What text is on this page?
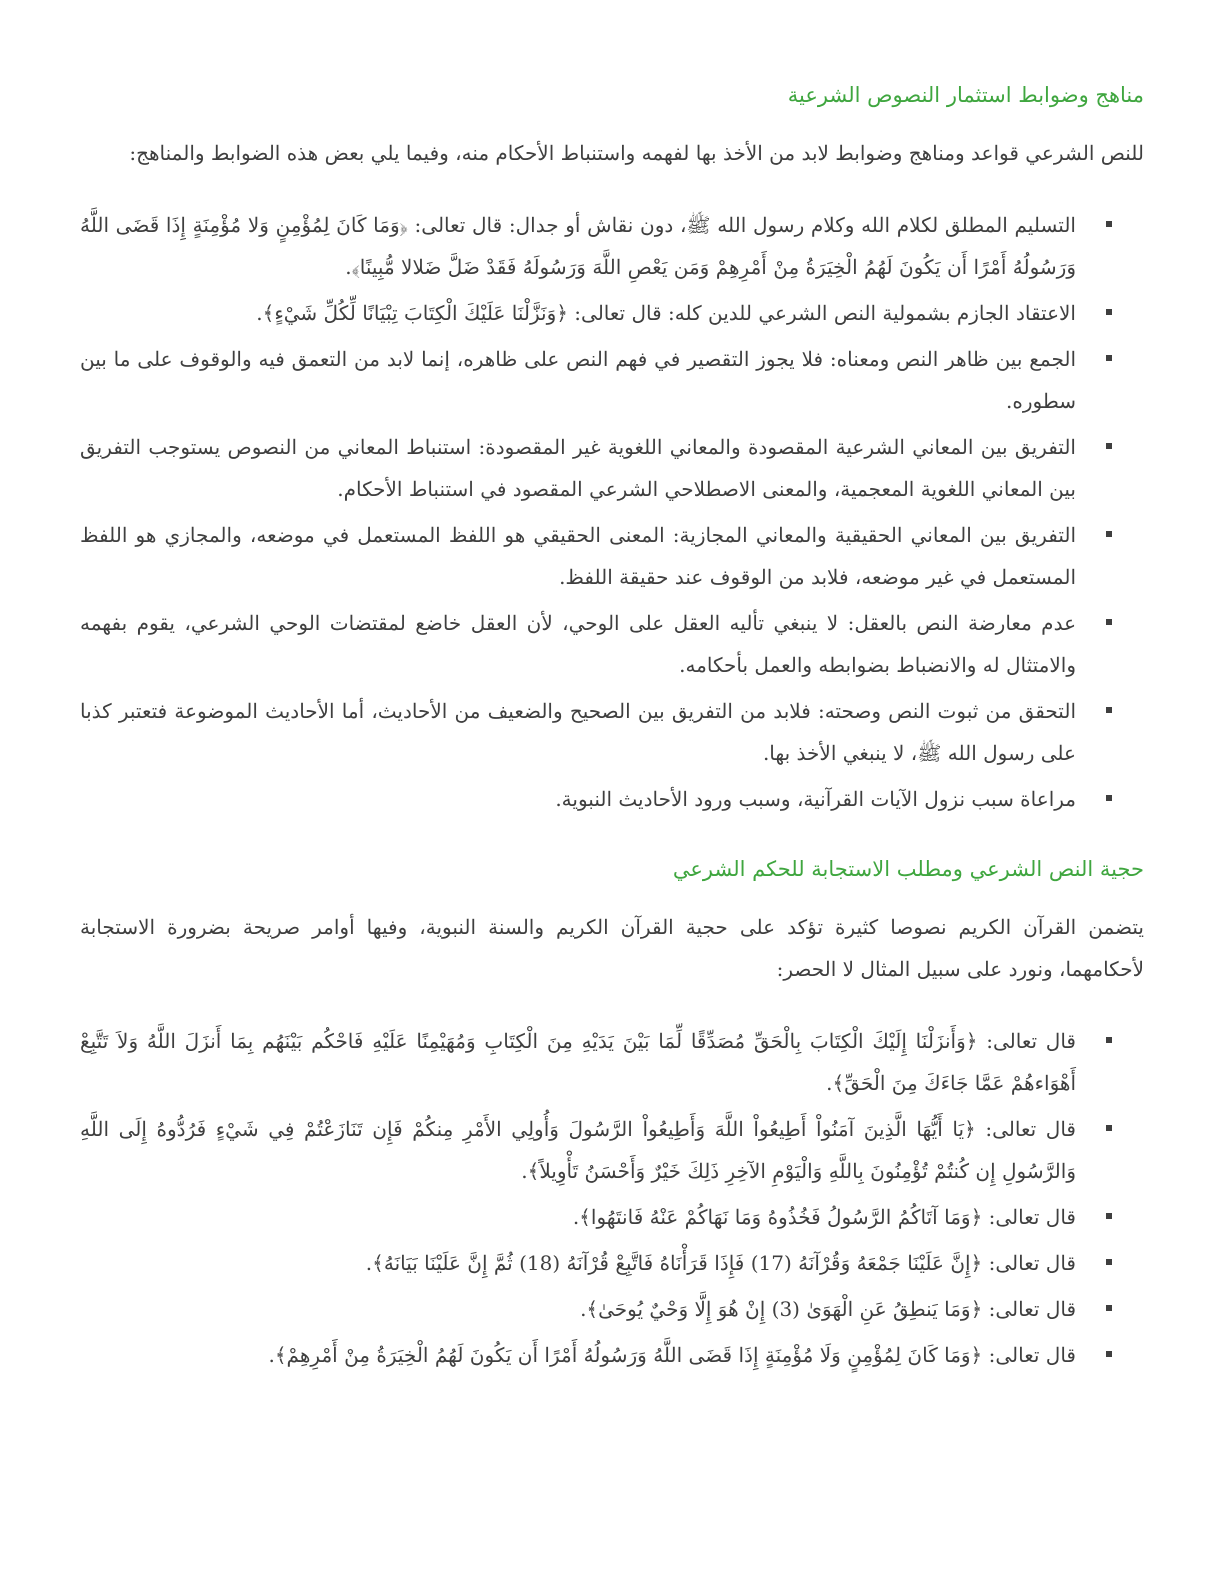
مناهج وضوابط استثمار النصوص الشرعية

للنص الشرعي قواعد ومناهج وضوابط لابد من الأخذ بها لفهمه واستنباط الأحكام منه، وفيما يلي بعض هذه الضوابط والمناهج:

التسليم المطلق لكلام الله وكلام رسول الله ﷺ، دون نقاش أو جدال: قال تعالى: ﴿وَمَا كَانَ لِمُؤْمِنٍ وَلا مُؤْمِنَةٍ إِذَا قَضَى اللَّهُ وَرَسُولُهُ أَمْرًا أَن يَكُونَ لَهُمُ الْخِيَرَةُ مِنْ أَمْرِهِمْ وَمَن يَعْصِ اللَّهَ وَرَسُولَهُ فَقَدْ ضَلَّ ضَلالا مُّبِينًا﴾.
الاعتقاد الجازم بشمولية النص الشرعي للدين كله: قال تعالى: ﴿وَنَزَّلْنَا عَلَيْكَ الْكِتَابَ تِبْيَانًا لِّكُلِّ شَيْءٍ﴾.
الجمع بين ظاهر النص ومعناه: فلا يجوز التقصير في فهم النص على ظاهره، إنما لابد من التعمق فيه والوقوف على ما بين سطوره.
التفريق بين المعاني الشرعية المقصودة والمعاني اللغوية غير المقصودة: استنباط المعاني من النصوص يستوجب التفريق بين المعاني اللغوية المعجمية، والمعنى الاصطلاحي الشرعي المقصود في استنباط الأحكام.
التفريق بين المعاني الحقيقية والمعاني المجازية: المعنى الحقيقي هو اللفظ المستعمل في موضعه، والمجازي هو اللفظ المستعمل في غير موضعه، فلابد من الوقوف عند حقيقة اللفظ.
عدم معارضة النص بالعقل: لا ينبغي تأليه العقل على الوحي، لأن العقل خاضع لمقتضات الوحي الشرعي، يقوم بفهمه والامتثال له والانضباط بضوابطه والعمل بأحكامه.
التحقق من ثبوت النص وصحته: فلابد من التفريق بين الصحيح والضعيف من الأحاديث، أما الأحاديث الموضوعة فتعتبر كذبا على رسول الله ﷺ، لا ينبغي الأخذ بها.
مراعاة سبب نزول الآيات القرآنية، وسبب ورود الأحاديث النبوية.
حجية النص الشرعي ومطلب الاستجابة للحكم الشرعي

يتضمن القرآن الكريم نصوصا كثيرة تؤكد على حجية القرآن الكريم والسنة النبوية، وفيها أوامر صريحة بضرورة الاستجابة لأحكامهما، ونورد على سبيل المثال لا الحصر:

قال تعالى: ﴿وَأَنزَلْنَا إِلَيْكَ الْكِتَابَ بِالْحَقِّ مُصَدِّقًا لِّمَا بَيْنَ يَدَيْهِ مِنَ الْكِتَابِ وَمُهَيْمِنًا عَلَيْهِ فَاحْكُم بَيْنَهُم بِمَا أَنزَلَ اللَّهُ وَلاَ تَتَّبِعْ أَهْوَاءهُمْ عَمَّا جَاءَكَ مِنَ الْحَقِّ﴾.
قال تعالى: ﴿يَا أَيُّهَا الَّذِينَ آمَنُواْ أَطِيعُواْ اللَّهَ وَأَطِيعُواْ الرَّسُولَ وَأُولِي الأَمْرِ مِنكُمْ فَإِن تَنَازَعْتُمْ فِي شَيْءٍ فَرُدُّوهُ إِلَى اللَّهِ وَالرَّسُولِ إِن كُنتُمْ تُؤْمِنُونَ بِاللَّهِ وَالْيَوْمِ الآخِرِ ذَلِكَ خَيْرٌ وَأَحْسَنُ تَأْوِيلاً﴾.
قال تعالى: ﴿وَمَا آتَاكُمُ الرَّسُولُ فَخُذُوهُ وَمَا نَهَاكُمْ عَنْهُ فَانتَهُوا﴾.
قال تعالى: ﴿إِنَّ عَلَيْنَا جَمْعَهُ وَقُرْآنَهُ (17) فَإِذَا قَرَأْنَاهُ فَاتَّبِعْ قُرْآنَهُ (18) ثُمَّ إِنَّ عَلَيْنَا بَيَانَهُ﴾.
قال تعالى: ﴿وَمَا يَنطِقُ عَنِ الْهَوَىٰ (3) إِنْ هُوَ إِلَّا وَحْيٌ يُوحَىٰ﴾.
قال تعالى: ﴿وَمَا كَانَ لِمُؤْمِنٍ وَلَا مُؤْمِنَةٍ إِذَا قَضَى اللَّهُ وَرَسُولُهُ أَمْرًا أَن يَكُونَ لَهُمُ الْخِيَرَةُ مِنْ أَمْرِهِمْ﴾.
